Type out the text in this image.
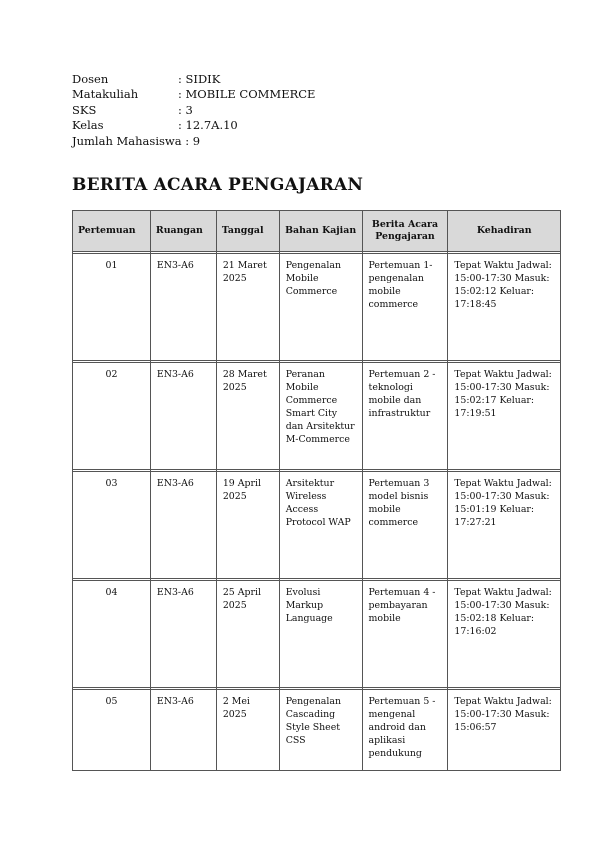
Dosen	: SIDIK
Matakuliah	: MOBILE COMMERCE
SKS	: 3
Kelas	: 12.7A.10
Jumlah Mahasiswa : 9
BERITA ACARA PENGAJARAN
Pertemuan	Ruangan	Tanggal	Bahan Kajian	Berita Acara Pengajaran	Kehadiran

01	EN3-A6	21 Maret 2025	Pengenalan Mobile Commerce	Pertemuan 1- pengenalan mobile commerce	Tepat Waktu Jadwal: 15:00-17:30 Masuk: 15:02:12 Keluar: 17:18:45

02	EN3-A6	28 Maret 2025	Peranan Mobile Commerce Smart City dan Arsitektur M-Commerce	Pertemuan 2 - teknologi mobile dan infrastruktur	Tepat Waktu Jadwal: 15:00-17:30 Masuk: 15:02:17 Keluar: 17:19:51

03	EN3-A6	19 April 2025	Arsitektur Wireless Access Protocol WAP	Pertemuan 3 model bisnis mobile commerce	Tepat Waktu Jadwal: 15:00-17:30 Masuk: 15:01:19 Keluar: 17:27:21

04	EN3-A6	25 April 2025	Evolusi Markup Language	Pertemuan 4 - pembayaran mobile	Tepat Waktu Jadwal: 15:00-17:30 Masuk: 15:02:18 Keluar: 17:16:02

05	EN3-A6	2 Mei 2025	Pengenalan Cascading Style Sheet CSS	Pertemuan 5 - mengenal android dan aplikasi pendukung	Tepat Waktu Jadwal: 15:00-17:30 Masuk: 15:06:57
